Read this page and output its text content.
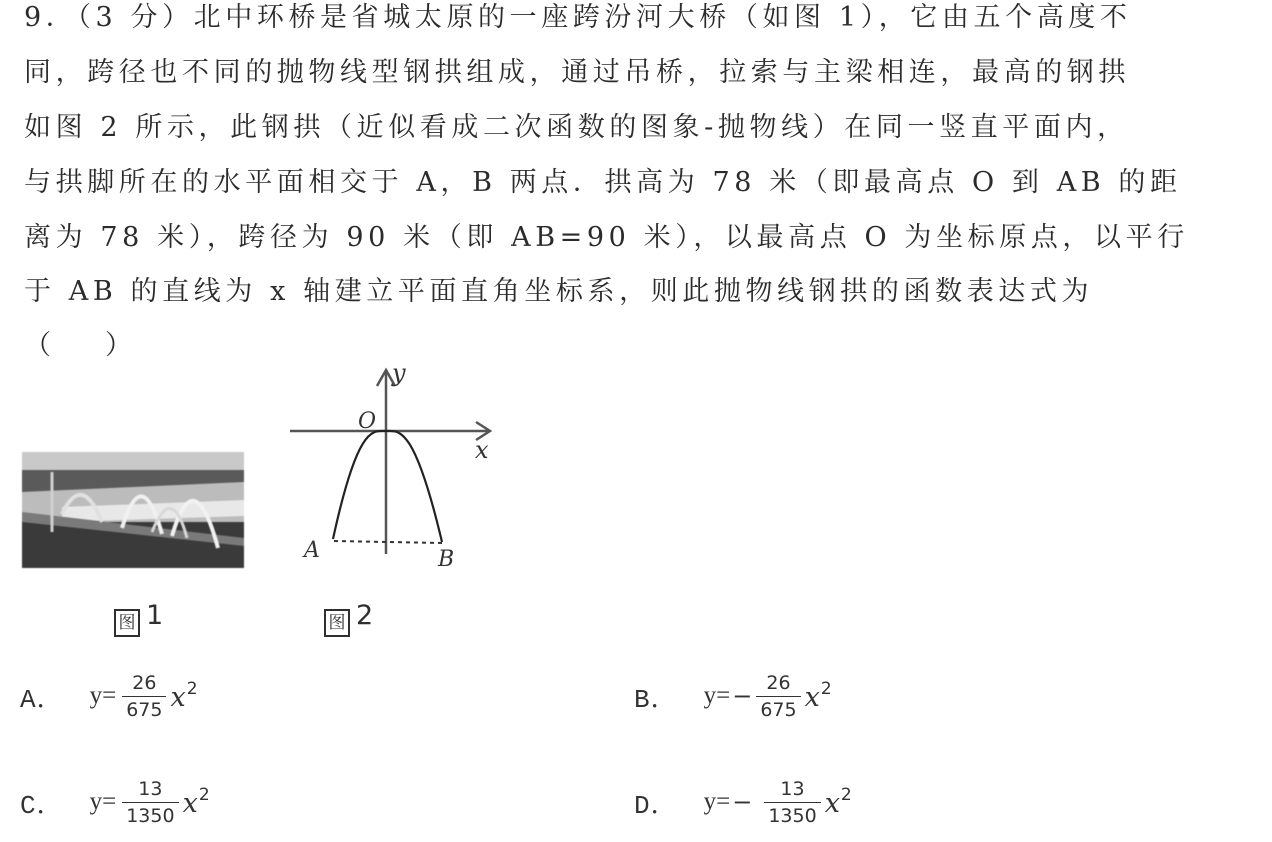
9．（3 分）北中环桥是省城太原的一座跨汾河大桥（如图 1），它由五个高度不
同，跨径也不同的抛物线型钢拱组成，通过吊桥，拉索与主梁相连，最高的钢拱
如图 2 所示，此钢拱（近似看成二次函数的图象-抛物线）在同一竖直平面内，
与拱脚所在的水平面相交于 A，B 两点．拱高为 78 米（即最高点 O 到 AB 的距
离为 78 米），跨径为 90 米（即 AB=90 米），以最高点 O 为坐标原点，以平行
于 AB 的直线为 x 轴建立平面直角坐标系，则此抛物线钢拱的函数表达式为
（　　）
y
x
O
A	B
图 1	图 2
A． $y= \frac{26}{675} x^2$	B． $y= - \frac{26}{675} x^2$
C． $y= \frac{13}{1350} x^2$	D． $y= - \frac{13}{1350} x^2$
